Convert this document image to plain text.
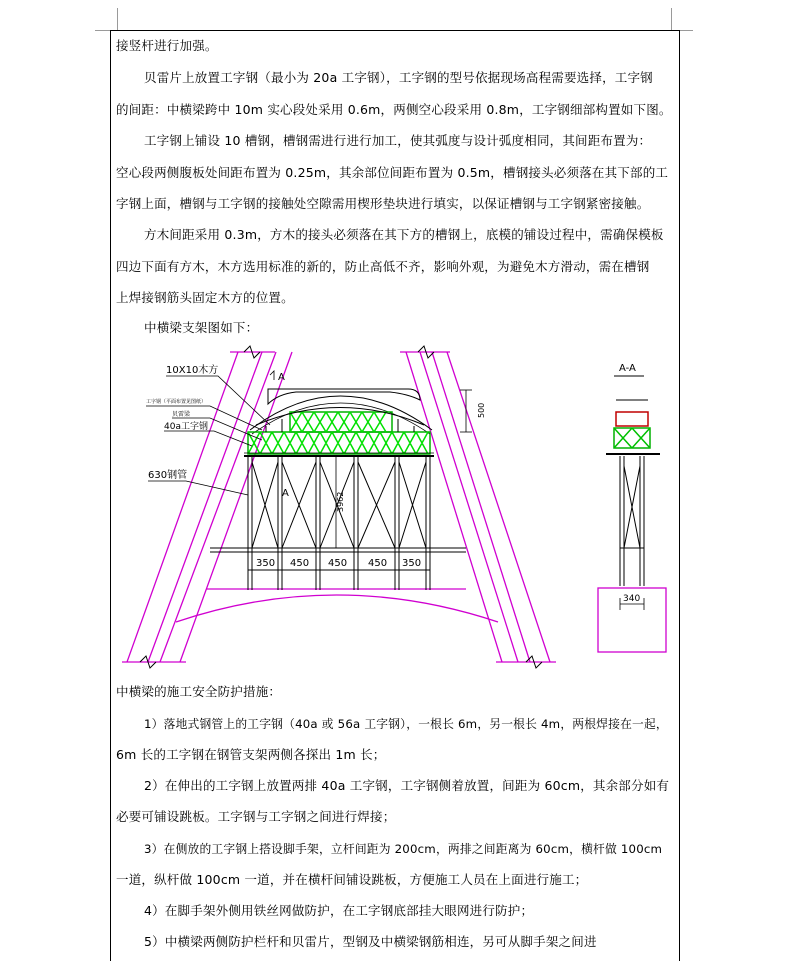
接竖杆进行加强。
贝雷片上放置工字钢（最小为 20a 工字钢），工字钢的型号依据现场高程需要选择，工字钢
的间距：中横梁跨中 10m 实心段处采用 0.6m，两侧空心段采用 0.8m，工字钢细部构置如下图。
工字钢上铺设 10 槽钢，槽钢需进行进行加工，使其弧度与设计弧度相同，其间距布置为：
空心段两侧腹板处间距布置为 0.25m，其余部位间距布置为 0.5m，槽钢接头必须落在其下部的工
字钢上面，槽钢与工字钢的接触处空隙需用楔形垫块进行填实，以保证槽钢与工字钢紧密接触。
方木间距采用 0.3m，方木的接头必须落在其下方的槽钢上，底模的铺设过程中，需确保模板
四边下面有方木，木方选用标准的新的，防止高低不齐，影响外观，为避免木方滑动，需在槽钢
上焊接钢筋头固定木方的位置。
中横梁支架图如下：
10X10木方
工字钢（平面布置见图纸）
贝雷梁
40a工字钢
630钢管
A
A
500
3962
A-A
340
350 450 450 450 350
中横梁的施工安全防护措施：
1）落地式钢管上的工字钢（40a 或 56a 工字钢），一根长 6m，另一根长 4m，两根焊接在一起，
6m 长的工字钢在钢管支架两侧各探出 1m 长；
2）在伸出的工字钢上放置两排 40a 工字钢，工字钢侧着放置，间距为 60cm，其余部分如有
必要可铺设跳板。工字钢与工字钢之间进行焊接；
3）在侧放的工字钢上搭设脚手架，立杆间距为 200cm，两排之间距离为 60cm，横杆做 100cm
一道，纵杆做 100cm 一道，并在横杆间铺设跳板，方便施工人员在上面进行施工；
4）在脚手架外侧用铁丝网做防护，在工字钢底部挂大眼网进行防护；
5）中横梁两侧防护栏杆和贝雷片，型钢及中横梁钢筋相连，另可从脚手架之间进
